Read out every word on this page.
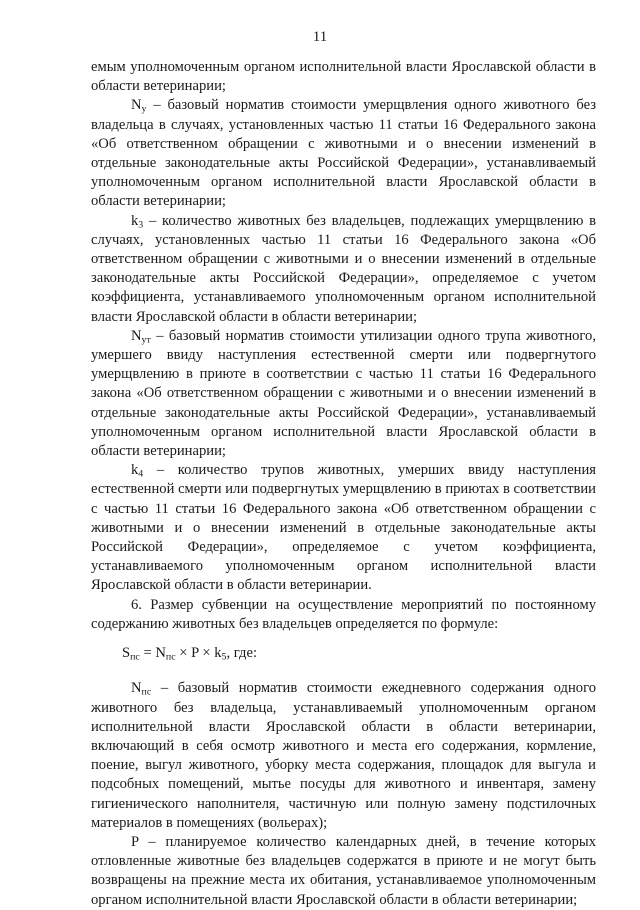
11

емым уполномоченным органом исполнительной власти Ярославской области в области ветеринарии;

$N_у$ – базовый норматив стоимости умерщвления одного животного без владельца в случаях, установленных частью 11 статьи 16 Федерального закона «Об ответственном обращении с животными и о внесении изменений в отдельные законодательные акты Российской Федерации», устанавливаемый уполномоченным органом исполнительной власти Ярославской области в области ветеринарии;

$k_3$ – количество животных без владельцев, подлежащих умерщвлению в случаях, установленных частью 11 статьи 16 Федерального закона «Об ответственном обращении с животными и о внесении изменений в отдельные законодательные акты Российской Федерации», определяемое с учетом коэффициента, устанавливаемого уполномоченным органом исполнительной власти Ярославской области в области ветеринарии;

$N_{ут}$ – базовый норматив стоимости утилизации одного трупа животного, умершего ввиду наступления естественной смерти или подвергнутого умерщвлению в приюте в соответствии с частью 11 статьи 16 Федерального закона «Об ответственном обращении с животными и о внесении изменений в отдельные законодательные акты Российской Федерации», устанавливаемый уполномоченным органом исполнительной власти Ярославской области в области ветеринарии;

$k_4$ – количество трупов животных, умерших ввиду наступления естественной смерти или подвергнутых умерщвлению в приютах в соответствии с частью 11 статьи 16 Федерального закона «Об ответственном обращении с животными и о внесении изменений в отдельные законодательные акты Российской Федерации», определяемое с учетом коэффициента, устанавливаемого уполномоченным органом исполнительной власти Ярославской области в области ветеринарии.

6. Размер субвенции на осуществление мероприятий по постоянному содержанию животных без владельцев определяется по формуле:

$S_{пс} = N_{пс} \times P \times k_5$, где:

$N_{пс}$ – базовый норматив стоимости ежедневного содержания одного животного без владельца, устанавливаемый уполномоченным органом исполнительной власти Ярославской области в области ветеринарии, включающий в себя осмотр животного и места его содержания, кормление, поение, выгул животного, уборку места содержания, площадок для выгула и подсобных помещений, мытье посуды для животного и инвентаря, замену гигиенического наполнителя, частичную или полную замену подстилочных материалов в помещениях (вольерах);

P – планируемое количество календарных дней, в течение которых отловленные животные без владельцев содержатся в приюте и не могут быть возвращены на прежние места их обитания, устанавливаемое уполномоченным органом исполнительной власти Ярославской области в области ветеринарии;
